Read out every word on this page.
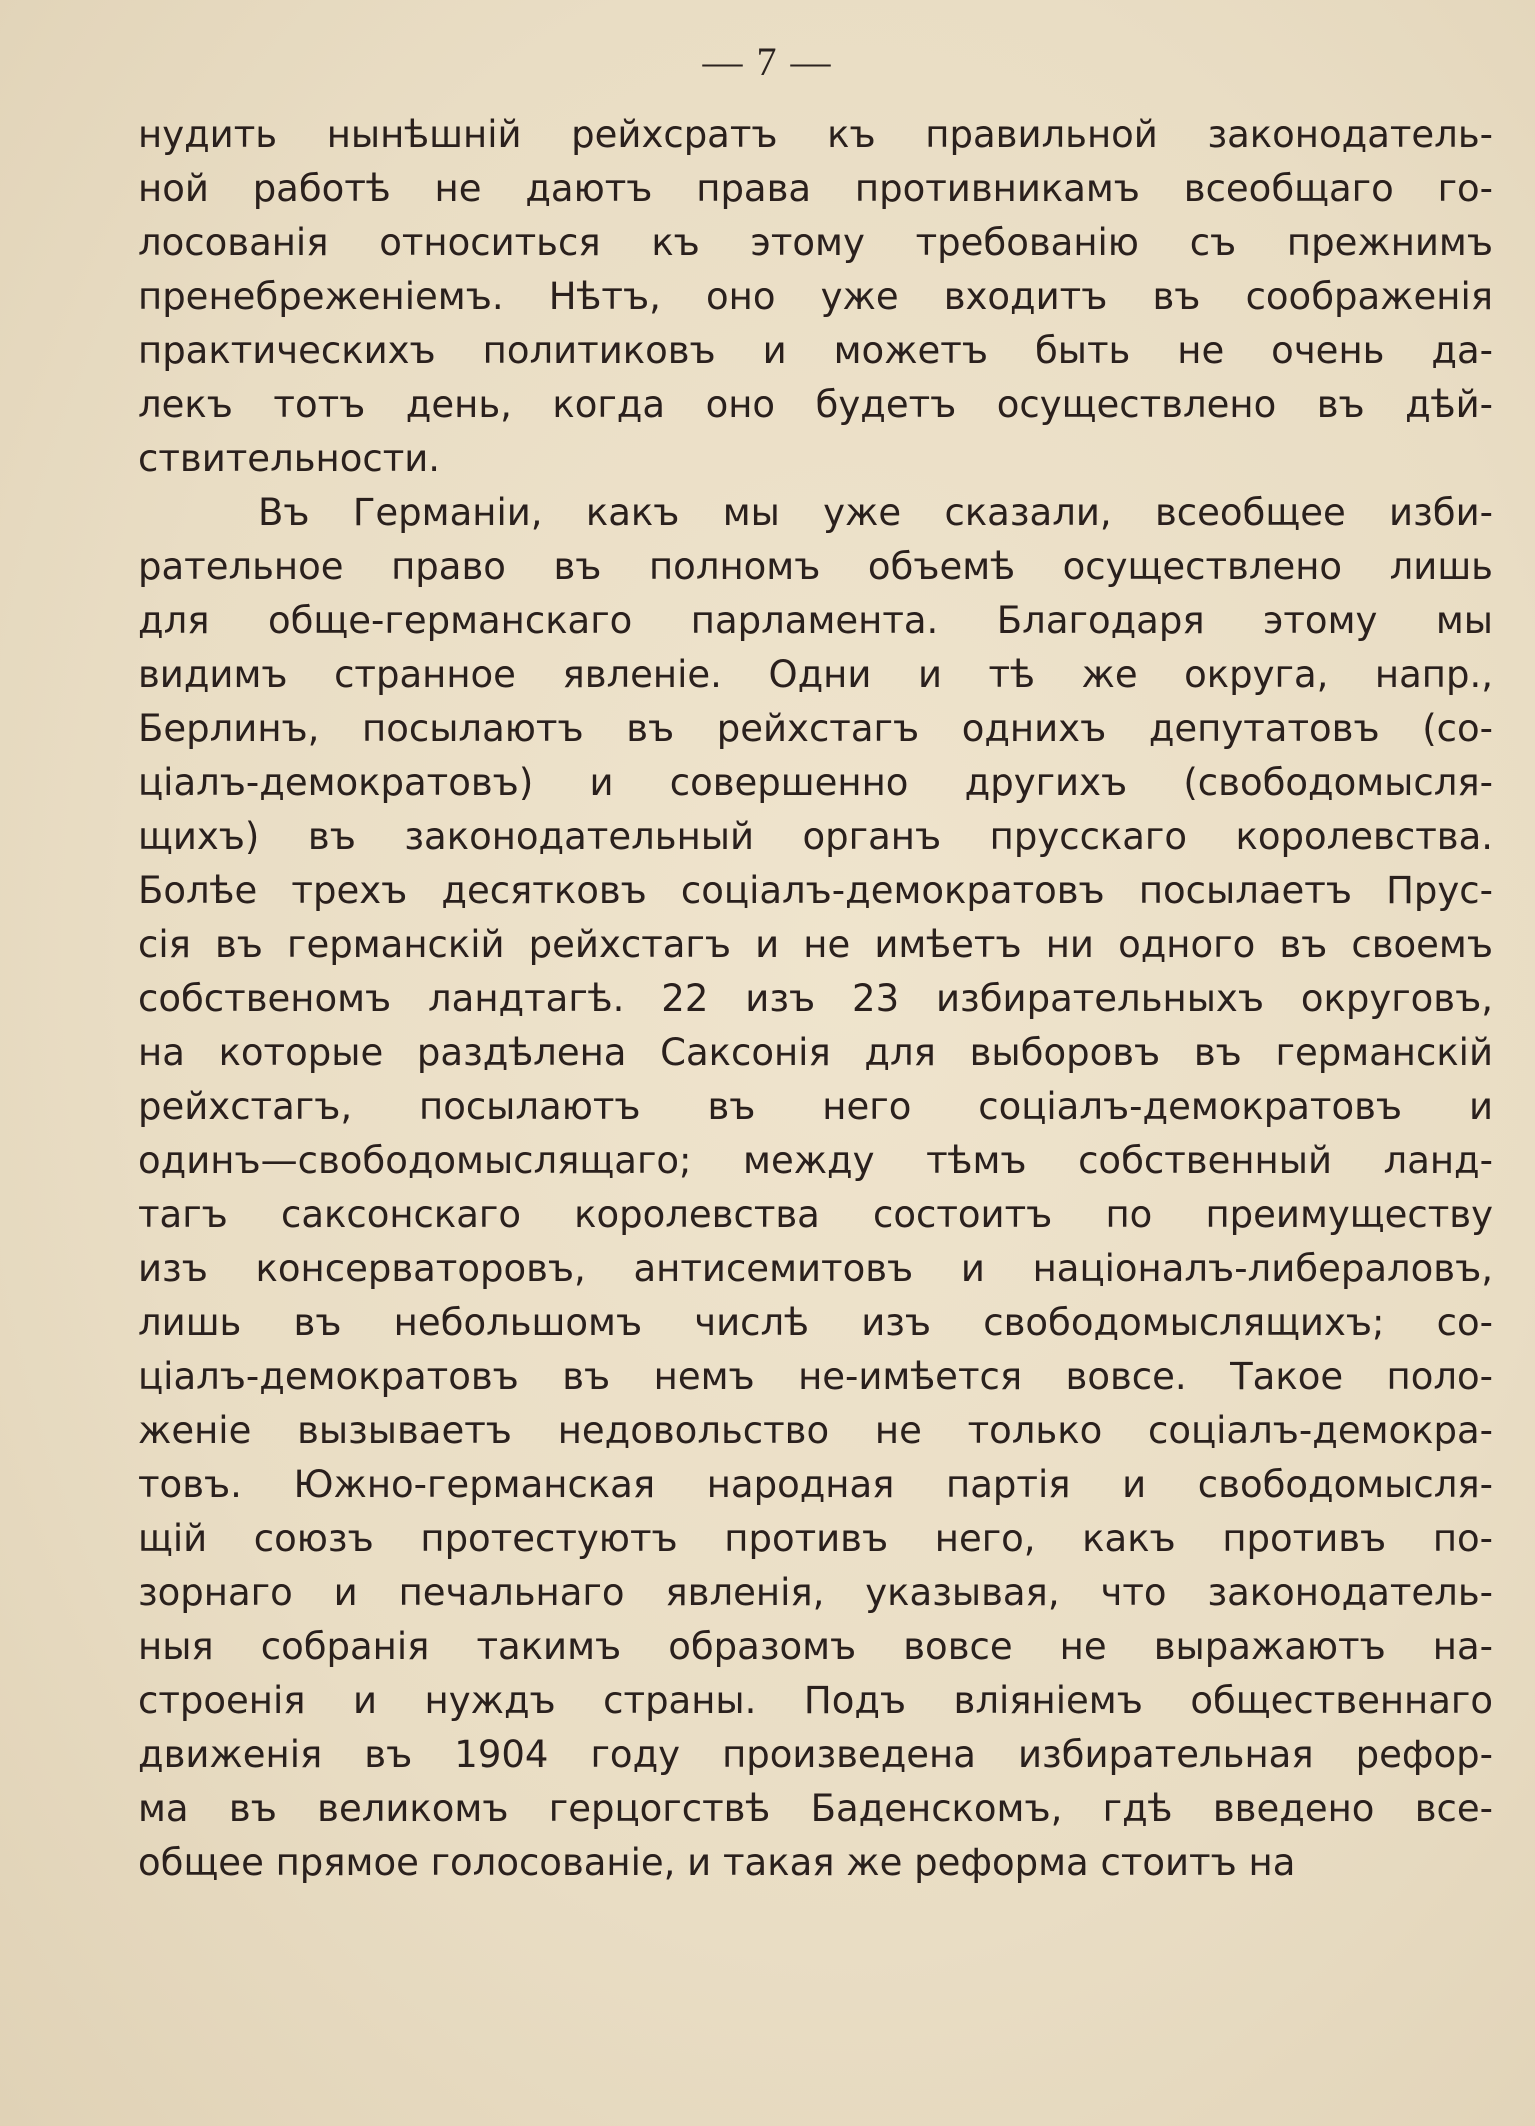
— 7 —
нудить нынѣшній рейхсратъ къ правильной законодатель-
ной работѣ не даютъ права противникамъ всеобщаго го-
лосованія относиться къ этому требованію съ прежнимъ
пренебреженіемъ. Нѣтъ, оно уже входитъ въ соображенія
практическихъ политиковъ и можетъ быть не очень да-
лекъ тотъ день, когда оно будетъ осуществлено въ дѣй-
ствительности.
Въ Германіи, какъ мы уже сказали, всеобщее изби-
рательное право въ полномъ объемѣ осуществлено лишь
для обще-германскаго парламента. Благодаря этому мы
видимъ странное явленіе. Одни и тѣ же округа, напр.,
Берлинъ, посылаютъ въ рейхстагъ однихъ депутатовъ (со-
ціалъ-демократовъ) и совершенно другихъ (свободомысля-
щихъ) въ законодательный органъ прусскаго королевства.
Болѣе трехъ десятковъ соціалъ-демократовъ посылаетъ Прус-
сія въ германскій рейхстагъ и не имѣетъ ни одного въ своемъ
собственомъ ландтагѣ. 22 изъ 23 избирательныхъ округовъ,
на которые раздѣлена Саксонія для выборовъ въ германскій
рейхстагъ, посылаютъ въ него соціалъ-демократовъ и
одинъ—свободомыслящаго; между тѣмъ собственный ланд-
тагъ саксонскаго королевства состоитъ по преимуществу
изъ консерваторовъ, антисемитовъ и націоналъ-либераловъ,
лишь въ небольшомъ числѣ изъ свободомыслящихъ; со-
ціалъ-демократовъ въ немъ не-имѣется вовсе. Такое поло-
женіе вызываетъ недовольство не только соціалъ-демокра-
товъ. Южно-германская народная партія и свободомысля-
щій союзъ протестуютъ противъ него, какъ противъ по-
зорнаго и печальнаго явленія, указывая, что законодатель-
ныя собранія такимъ образомъ вовсе не выражаютъ на-
строенія и нуждъ страны. Подъ вліяніемъ общественнаго
движенія въ 1904 году произведена избирательная рефор-
ма въ великомъ герцогствѣ Баденскомъ, гдѣ введено все-
общее прямое голосованіе, и такая же реформа стоитъ на
